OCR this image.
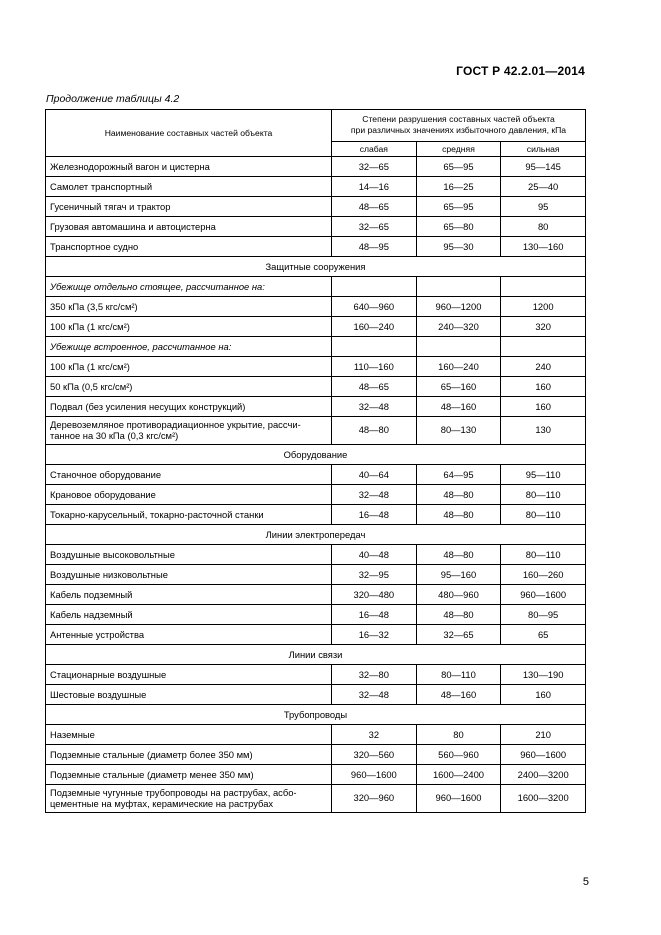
ГОСТ Р 42.2.01—2014
Продолжение таблицы 4.2
Наименование составных частей объекта	Степени разрушения составных частей объекта
при различных значениях избыточного давления, кПа		
	слабая	средняя	сильная
Железнодорожный вагон и цистерна	32—65	65—95	95—145
Самолет транспортный	14—16	16—25	25—40
Гусеничный тягач и трактор	48—65	65—95	95
Грузовая автомашина и автоцистерна	32—65	65—80	80
Транспортное судно	48—95	95—30	130—160
Защитные сооружения			
Убежище отдельно стоящее, рассчитанное на:			
350 кПа (3,5 кгс/см²)	640—960	960—1200	1200
100 кПа (1 кгс/см²)	160—240	240—320	320
Убежище встроенное, рассчитанное на:			
100 кПа (1 кгс/см²)	110—160	160—240	240
50 кПа (0,5 кгс/см²)	48—65	65—160	160
Подвал (без усиления несущих конструкций)	32—48	48—160	160
Деревоземляное противорадиационное укрытие, рассчи-
танное на 30 кПа (0,3 кгс/см²)	48—80	80—130	130
Оборудование			
Станочное оборудование	40—64	64—95	95—110
Крановое оборудование	32—48	48—80	80—110
Токарно-карусельный, токарно-расточной станки	16—48	48—80	80—110
Линии электропередач			
Воздушные высоковольтные	40—48	48—80	80—110
Воздушные низковольтные	32—95	95—160	160—260
Кабель подземный	320—480	480—960	960—1600
Кабель надземный	16—48	48—80	80—95
Антенные устройства	16—32	32—65	65
Линии связи			
Стационарные воздушные	32—80	80—110	130—190
Шестовые воздушные	32—48	48—160	160
Трубопроводы			
Наземные	32	80	210
Подземные стальные (диаметр более 350 мм)	320—560	560—960	960—1600
Подземные стальные (диаметр менее 350 мм)	960—1600	1600—2400	2400—3200
Подземные чугунные трубопроводы на раструбах, асбо-
цементные на муфтах, керамические на раструбах	320—960	960—1600	1600—3200
5
